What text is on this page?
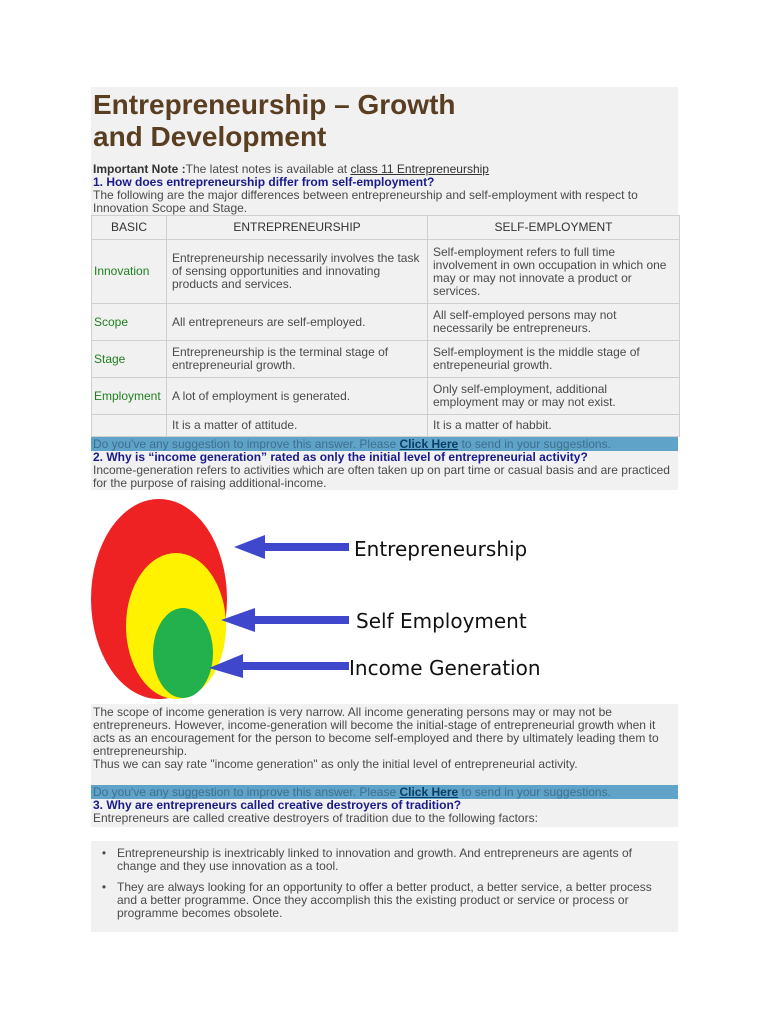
Entrepreneurship – Growth
and Development
Important Note :The latest notes is available at class 11 Entrepreneurship
1. How does entrepreneurship differ from self-employment?
The following are the major differences between entrepreneurship and self-employment with respect to Innovation Scope and Stage.
BASIC	ENTREPRENEURSHIP	SELF-EMPLOYMENT
Innovation	Entrepreneurship necessarily involves the task of sensing opportunities and innovating products and services.	Self-employment refers to full time involvement in own occupation in which one may or may not innovate a product or services.
Scope	All entrepreneurs are self-employed.	All self-employed persons may not necessarily be entrepreneurs.
Stage	Entrepreneurship is the terminal stage of entrepreneurial growth.	Self-employment is the middle stage of entrepeneurial growth.
Employment	A lot of employment is generated.	Only self-employment, additional employment may or may not exist.
	It is a matter of attitude.	It is a matter of habbit.
Do you've any suggestion to improve this answer. Please Click Here to send in your suggestions.
2. Why is “income generation” rated as only the initial level of entrepreneurial activity?
Income-generation refers to activities which are often taken up on part time or casual basis and are practiced for the purpose of raising additional-income.
Entrepreneurship
Self Employment
Income Generation
The scope of income generation is very narrow. All income generating persons may or may not be entrepreneurs. However, income-generation will become the initial-stage of entrepreneurial growth when it acts as an encouragement for the person to become self-employed and there by ultimately leading them to entrepreneurship.
Thus we can say rate "income generation" as only the initial level of entrepreneurial activity.
Do you've any suggestion to improve this answer. Please Click Here to send in your suggestions.
3. Why are entrepreneurs called creative destroyers of tradition?
Entrepreneurs are called creative destroyers of tradition due to the following factors:
• Entrepreneurship is inextricably linked to innovation and growth. And entrepreneurs are agents of change and they use innovation as a tool.
• They are always looking for an opportunity to offer a better product, a better service, a better process and a better programme. Once they accomplish this the existing product or service or process or programme becomes obsolete.
